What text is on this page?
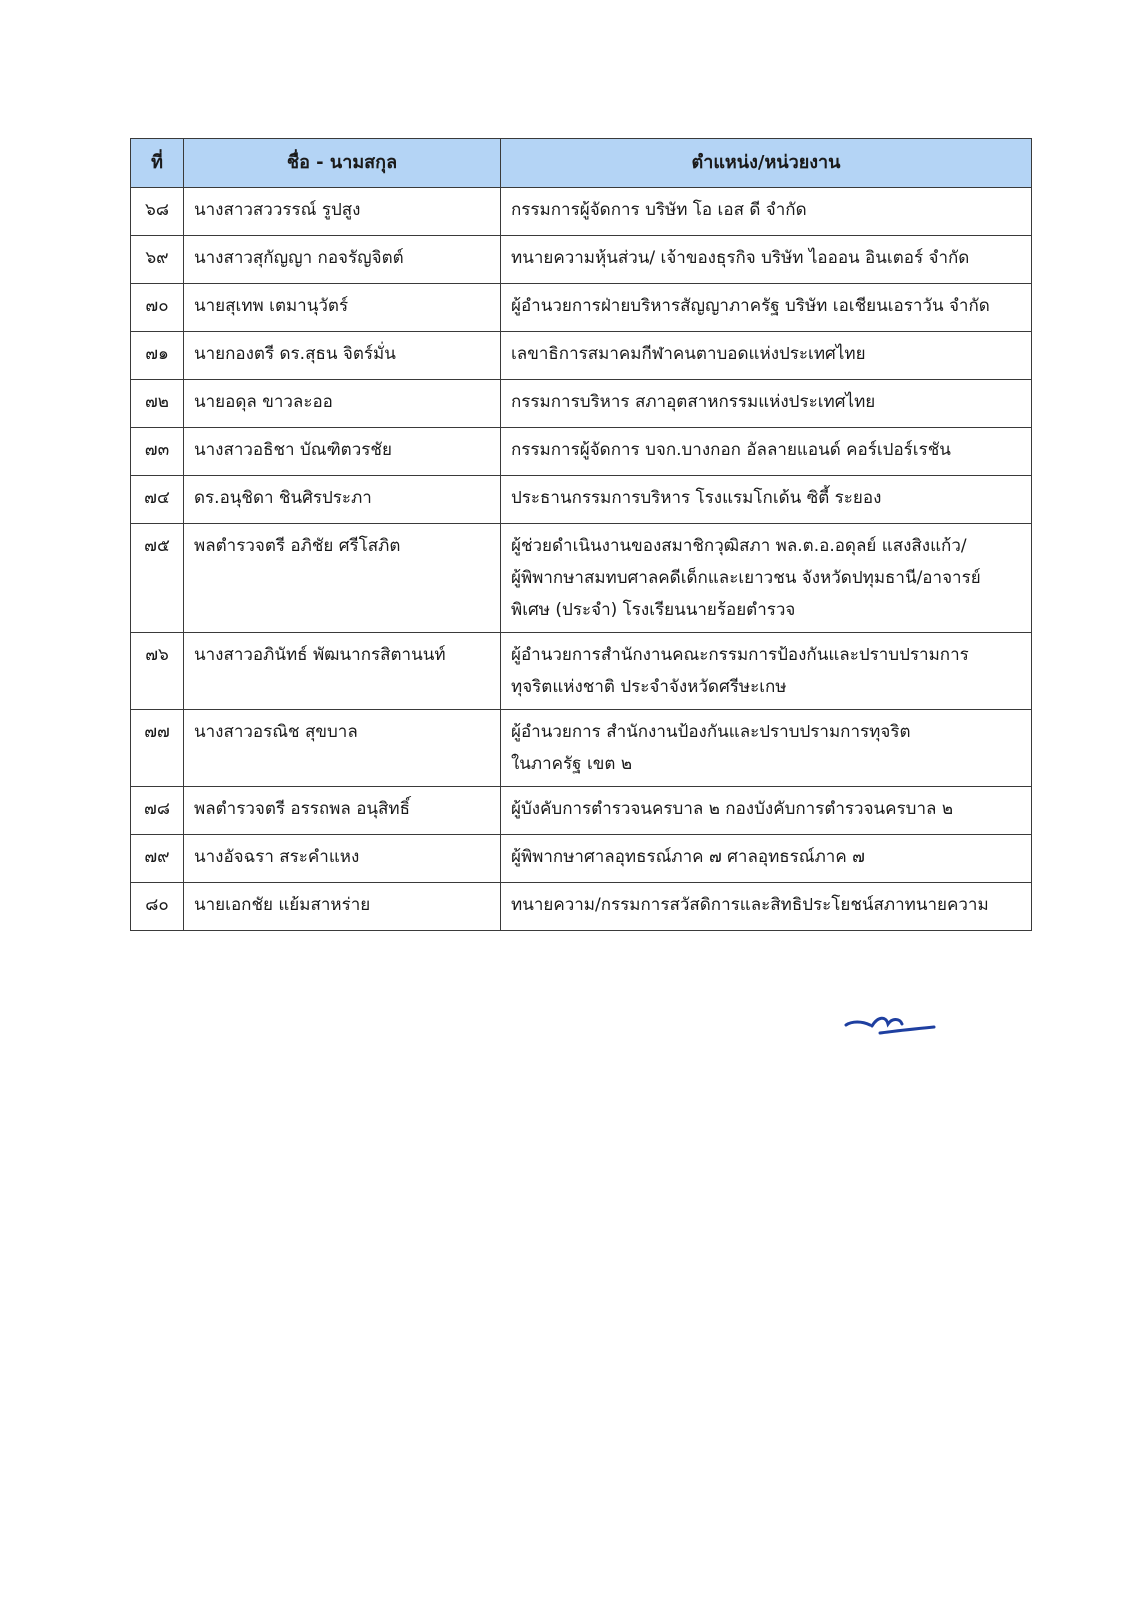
ที่	ชื่อ - นามสกุล	ตำแหน่ง/หน่วยงาน
๖๘	นางสาวสววรรณ์ รูปสูง	กรรมการผู้จัดการ บริษัท โอ เอส ดี จำกัด
๖๙	นางสาวสุกัญญา กอจรัญจิตต์	ทนายความหุ้นส่วน/ เจ้าของธุรกิจ บริษัท ไอออน อินเตอร์ จำกัด
๗๐	นายสุเทพ เตมานุวัตร์	ผู้อำนวยการฝ่ายบริหารสัญญาภาครัฐ บริษัท เอเชียนเอราวัน จำกัด
๗๑	นายกองตรี ดร.สุธน จิตร์มั่น	เลขาธิการสมาคมกีฬาคนตาบอดแห่งประเทศไทย
๗๒	นายอดุล ขาวละออ	กรรมการบริหาร สภาอุตสาหกรรมแห่งประเทศไทย
๗๓	นางสาวอธิชา บัณฑิตวรชัย	กรรมการผู้จัดการ บจก.บางกอก อัลลายแอนด์ คอร์เปอร์เรชัน
๗๔	ดร.อนุชิดา ชินศิรประภา	ประธานกรรมการบริหาร โรงแรมโกเด้น ซิตี้ ระยอง
๗๕	พลตำรวจตรี อภิชัย ศรีโสภิต	ผู้ช่วยดำเนินงานของสมาชิกวุฒิสภา พล.ต.อ.อดุลย์ แสงสิงแก้ว/
ผู้พิพากษาสมทบศาลคดีเด็กและเยาวชน จังหวัดปทุมธานี/อาจารย์
พิเศษ (ประจำ) โรงเรียนนายร้อยตำรวจ
๗๖	นางสาวอภินัทธ์ พัฒนากรสิตานนท์	ผู้อำนวยการสำนักงานคณะกรรมการป้องกันและปราบปรามการ
ทุจริตแห่งชาติ ประจำจังหวัดศรีษะเกษ
๗๗	นางสาวอรณิช สุขบาล	ผู้อำนวยการ สำนักงานป้องกันและปราบปรามการทุจริต
ในภาครัฐ เขต ๒
๗๘	พลตำรวจตรี อรรถพล อนุสิทธิ์	ผู้บังคับการตำรวจนครบาล ๒ กองบังคับการตำรวจนครบาล ๒
๗๙	นางอัจฉรา สระคำแหง	ผู้พิพากษาศาลอุทธรณ์ภาค ๗ ศาลอุทธรณ์ภาค ๗
๘๐	นายเอกชัย แย้มสาหร่าย	ทนายความ/กรรมการสวัสดิการและสิทธิประโยชน์สภาทนายความ
